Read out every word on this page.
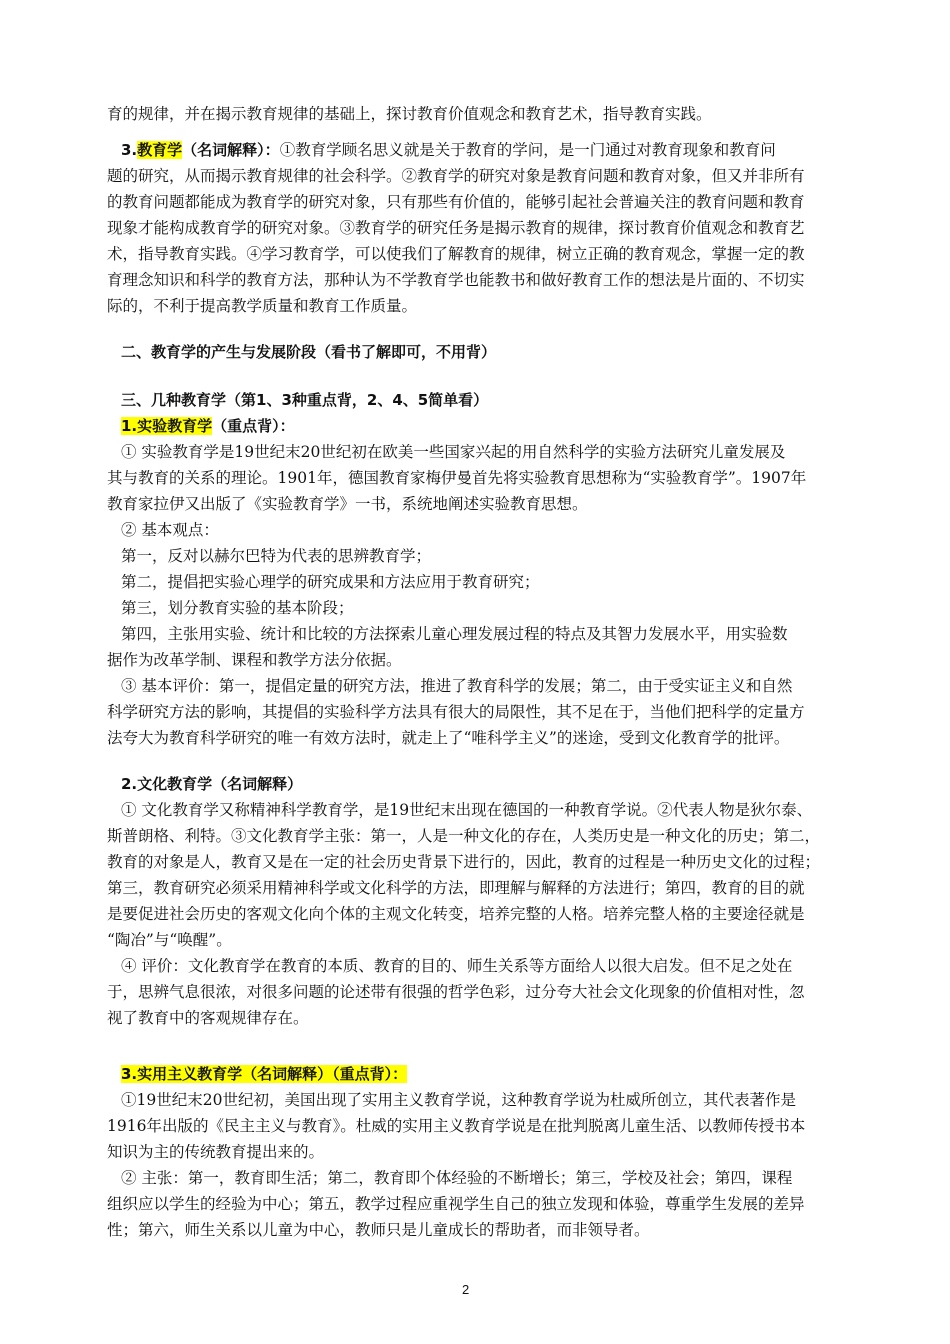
育的规律，并在揭示教育规律的基础上，探讨教育价值观念和教育艺术，指导教育实践。
3.教育学（名词解释）：①教育学顾名思义就是关于教育的学问，是一门通过对教育现象和教育问
题的研究，从而揭示教育规律的社会科学。②教育学的研究对象是教育问题和教育对象，但又并非所有
的教育问题都能成为教育学的研究对象，只有那些有价值的，能够引起社会普遍关注的教育问题和教育
现象才能构成教育学的研究对象。③教育学的研究任务是揭示教育的规律，探讨教育价值观念和教育艺
术，指导教育实践。④学习教育学，可以使我们了解教育的规律，树立正确的教育观念，掌握一定的教
育理念知识和科学的教育方法，那种认为不学教育学也能教书和做好教育工作的想法是片面的、不切实
际的，不利于提高教学质量和教育工作质量。
二、教育学的产生与发展阶段（看书了解即可，不用背）
三、几种教育学（第1、3种重点背，2、4、5简单看）
1.实验教育学（重点背）：
① 实验教育学是19世纪末20世纪初在欧美一些国家兴起的用自然科学的实验方法研究儿童发展及
其与教育的关系的理论。1901年，德国教育家梅伊曼首先将实验教育思想称为“实验教育学”。1907年
教育家拉伊又出版了《实验教育学》一书，系统地阐述实验教育思想。
② 基本观点：
第一，反对以赫尔巴特为代表的思辨教育学；
第二，提倡把实验心理学的研究成果和方法应用于教育研究；
第三，划分教育实验的基本阶段；
第四，主张用实验、统计和比较的方法探索儿童心理发展过程的特点及其智力发展水平，用实验数
据作为改革学制、课程和教学方法分依据。
③ 基本评价：第一，提倡定量的研究方法，推进了教育科学的发展；第二，由于受实证主义和自然
科学研究方法的影响，其提倡的实验科学方法具有很大的局限性，其不足在于，当他们把科学的定量方
法夸大为教育科学研究的唯一有效方法时，就走上了“唯科学主义”的迷途，受到文化教育学的批评。
2.文化教育学（名词解释）
① 文化教育学又称精神科学教育学，是19世纪末出现在德国的一种教育学说。②代表人物是狄尔泰、
斯普朗格、利特。③文化教育学主张：第一，人是一种文化的存在，人类历史是一种文化的历史；第二，
教育的对象是人，教育又是在一定的社会历史背景下进行的，因此，教育的过程是一种历史文化的过程；
第三，教育研究必须采用精神科学或文化科学的方法，即理解与解释的方法进行；第四，教育的目的就
是要促进社会历史的客观文化向个体的主观文化转变，培养完整的人格。培养完整人格的主要途径就是
“陶冶”与“唤醒”。
④ 评价：文化教育学在教育的本质、教育的目的、师生关系等方面给人以很大启发。但不足之处在
于，思辨气息很浓，对很多问题的论述带有很强的哲学色彩，过分夸大社会文化现象的价值相对性，忽
视了教育中的客观规律存在。
3.实用主义教育学（名词解释）（重点背）：
①19世纪末20世纪初，美国出现了实用主义教育学说，这种教育学说为杜威所创立，其代表著作是
1916年出版的《民主主义与教育》。杜威的实用主义教育学说是在批判脱离儿童生活、以教师传授书本
知识为主的传统教育提出来的。
② 主张：第一，教育即生活；第二，教育即个体经验的不断增长；第三，学校及社会；第四，课程
组织应以学生的经验为中心；第五，教学过程应重视学生自己的独立发现和体验，尊重学生发展的差异
性；第六，师生关系以儿童为中心，教师只是儿童成长的帮助者，而非领导者。
2
